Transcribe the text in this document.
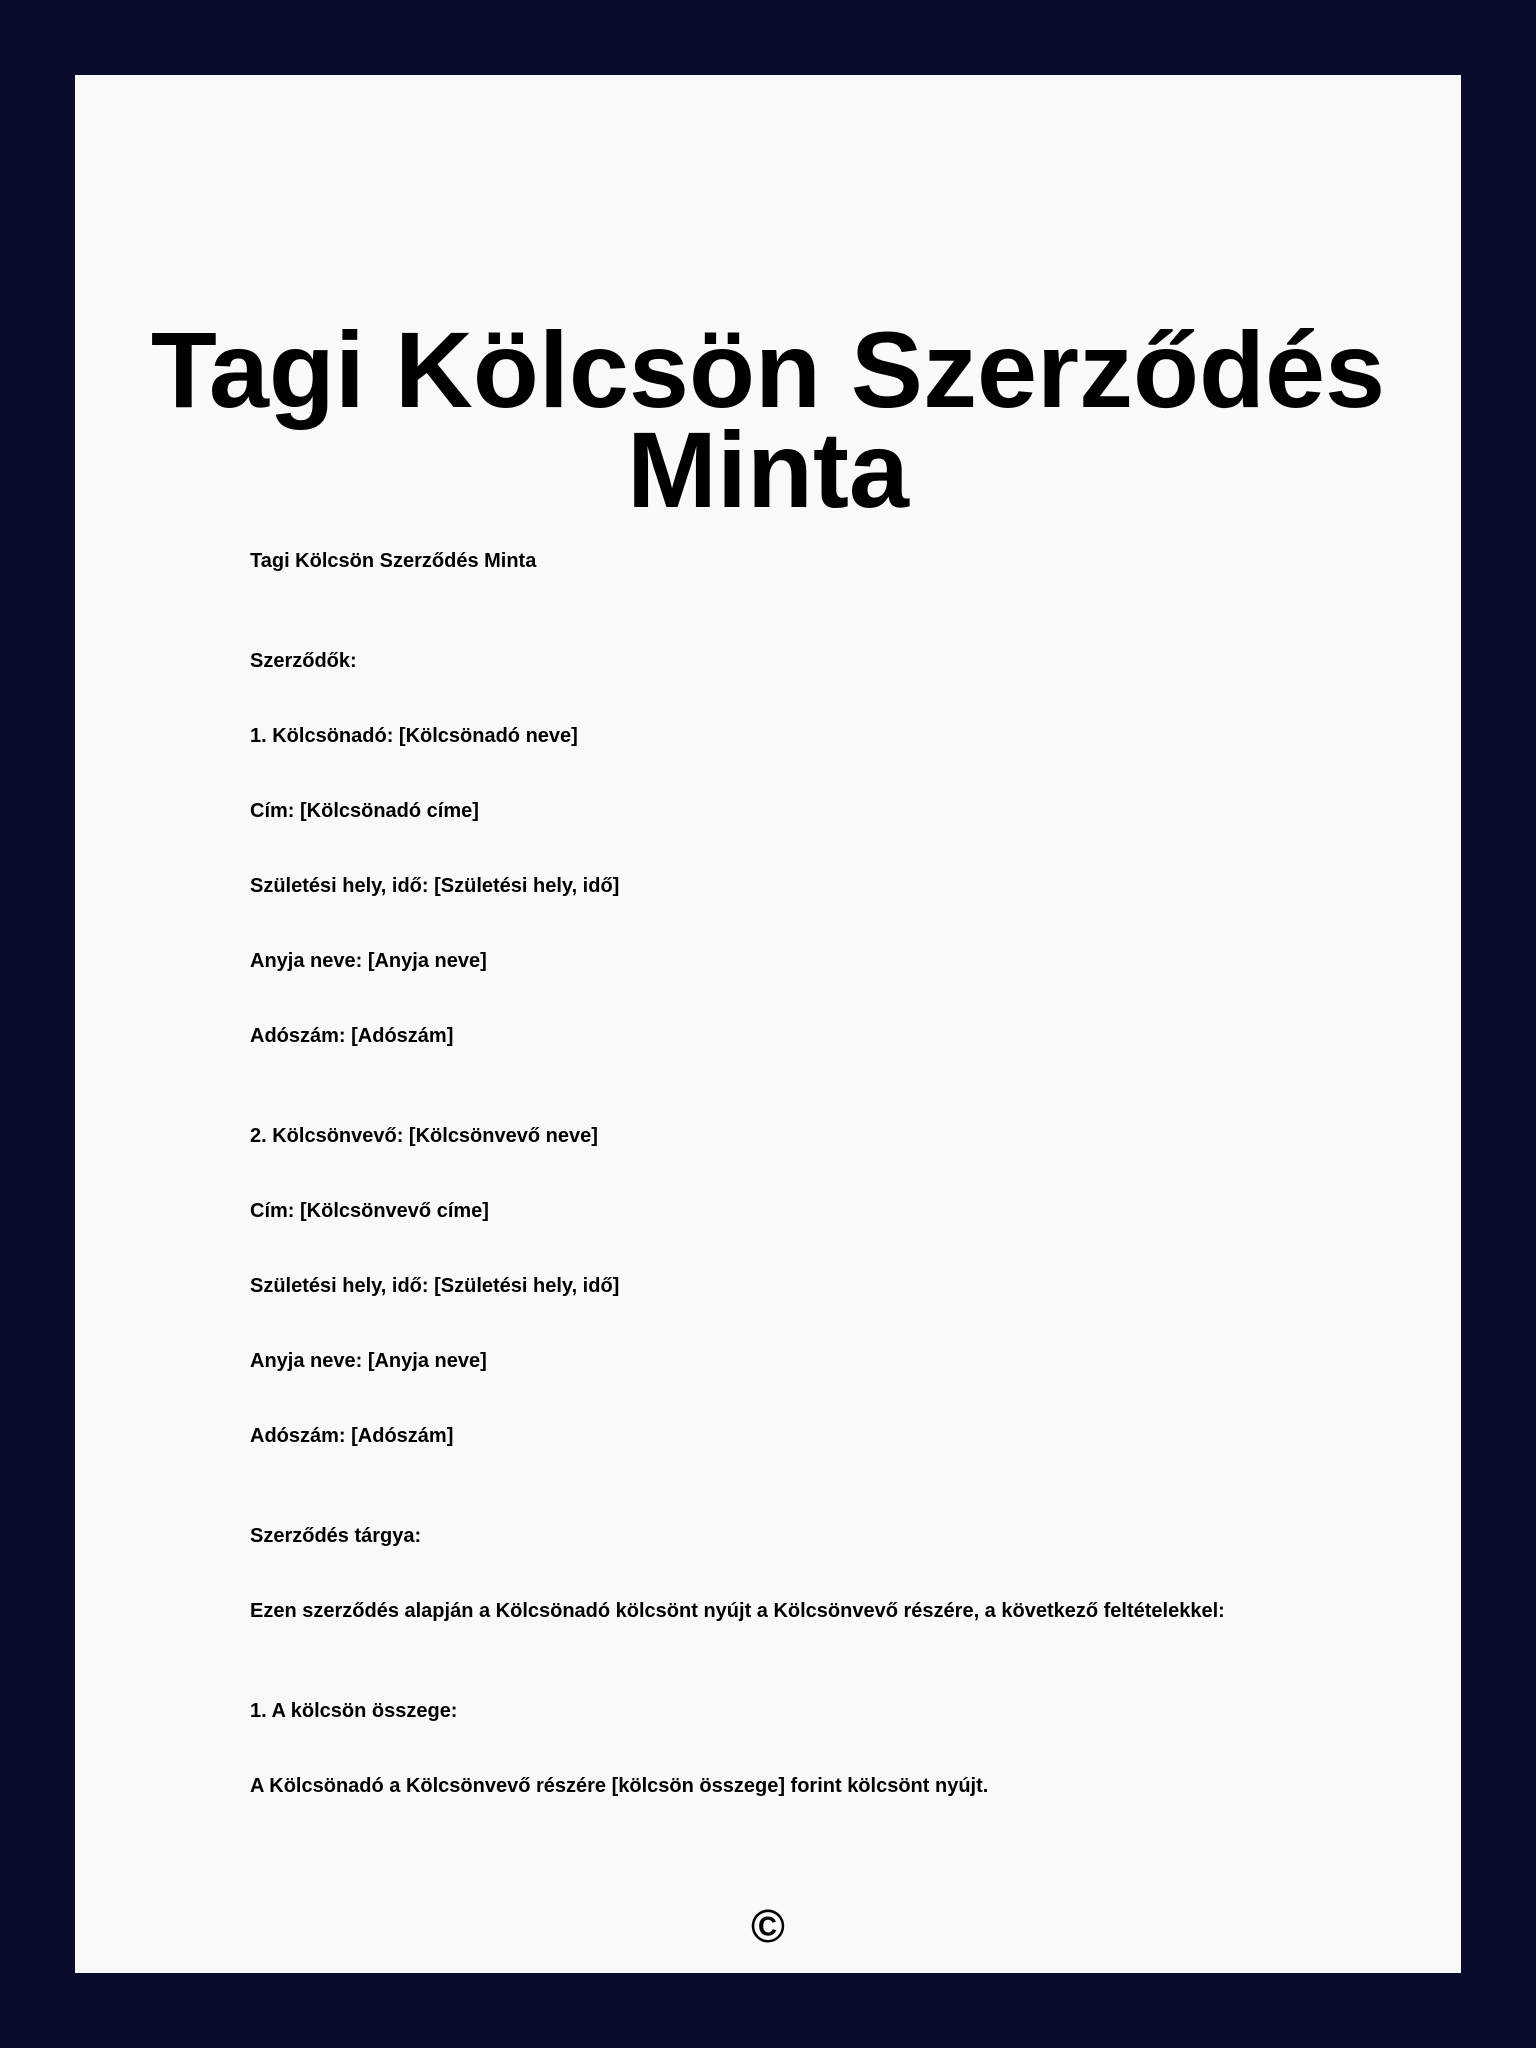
Tagi Kölcsön Szerződés Minta
Tagi Kölcsön Szerződés Minta
Szerződők:
1. Kölcsönadó: [Kölcsönadó neve]
Cím: [Kölcsönadó címe]
Születési hely, idő: [Születési hely, idő]
Anyja neve: [Anyja neve]
Adószám: [Adószám]
2. Kölcsönvevő: [Kölcsönvevő neve]
Cím: [Kölcsönvevő címe]
Születési hely, idő: [Születési hely, idő]
Anyja neve: [Anyja neve]
Adószám: [Adószám]
Szerződés tárgya:
Ezen szerződés alapján a Kölcsönadó kölcsönt nyújt a Kölcsönvevő részére, a következő feltételekkel:
1. A kölcsön összege:
A Kölcsönadó a Kölcsönvevő részére [kölcsön összege] forint kölcsönt nyújt.
©
